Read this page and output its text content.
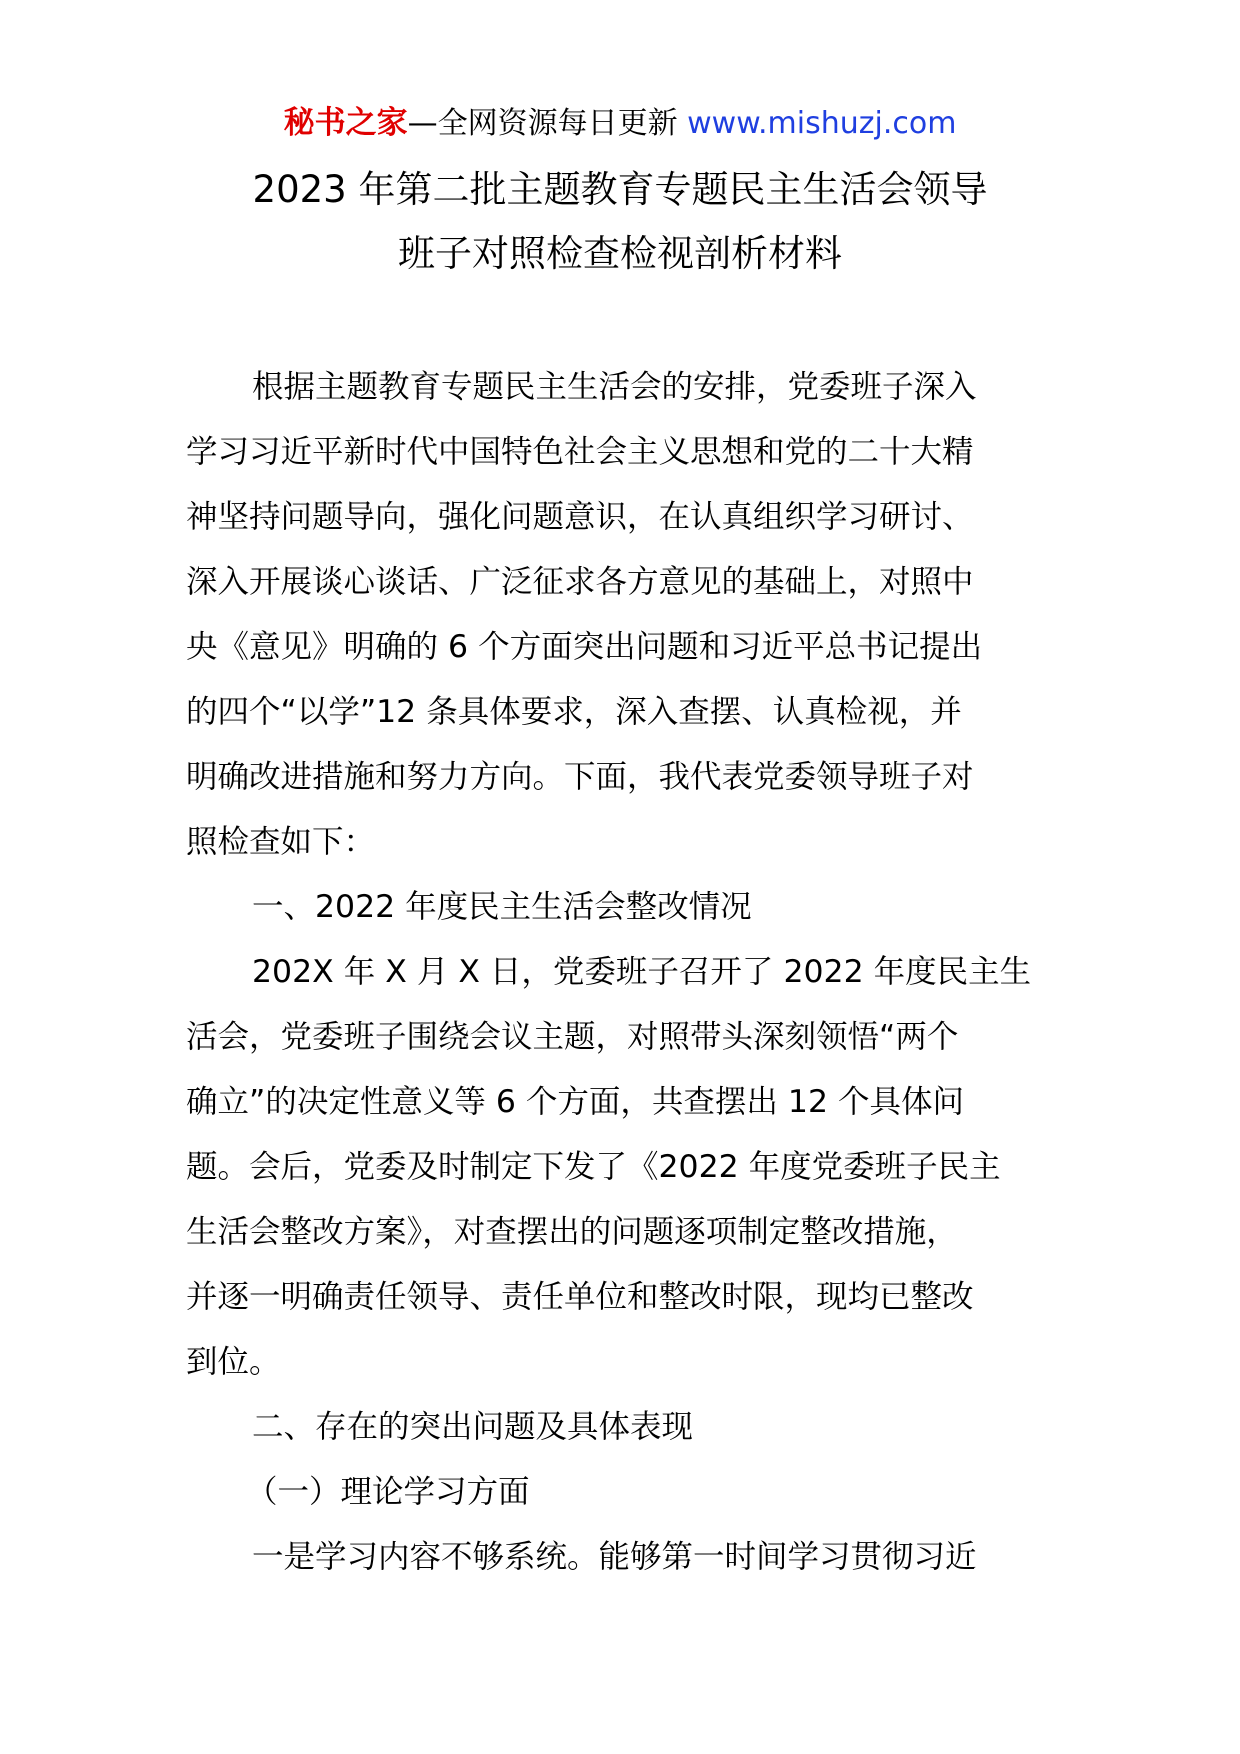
秘书之家—全网资源每日更新 www.mishuzj.com
2023 年第二批主题教育专题民主生活会领导
班子对照检查检视剖析材料
根据主题教育专题民主生活会的安排，党委班子深入
学习习近平新时代中国特色社会主义思想和党的二十大精
神坚持问题导向，强化问题意识，在认真组织学习研讨、
深入开展谈心谈话、广泛征求各方意见的基础上，对照中
央《意见》明确的 6 个方面突出问题和习近平总书记提出
的四个“以学”12 条具体要求，深入查摆、认真检视，并
明确改进措施和努力方向。下面，我代表党委领导班子对
照检查如下：
一、2022 年度民主生活会整改情况
202X 年 X 月 X 日，党委班子召开了 2022 年度民主生
活会，党委班子围绕会议主题，对照带头深刻领悟“两个
确立”的决定性意义等 6 个方面，共查摆出 12 个具体问
题。会后，党委及时制定下发了《2022 年度党委班子民主
生活会整改方案》，对查摆出的问题逐项制定整改措施，
并逐一明确责任领导、责任单位和整改时限，现均已整改
到位。
二、存在的突出问题及具体表现
（一）理论学习方面
一是学习内容不够系统。能够第一时间学习贯彻习近
